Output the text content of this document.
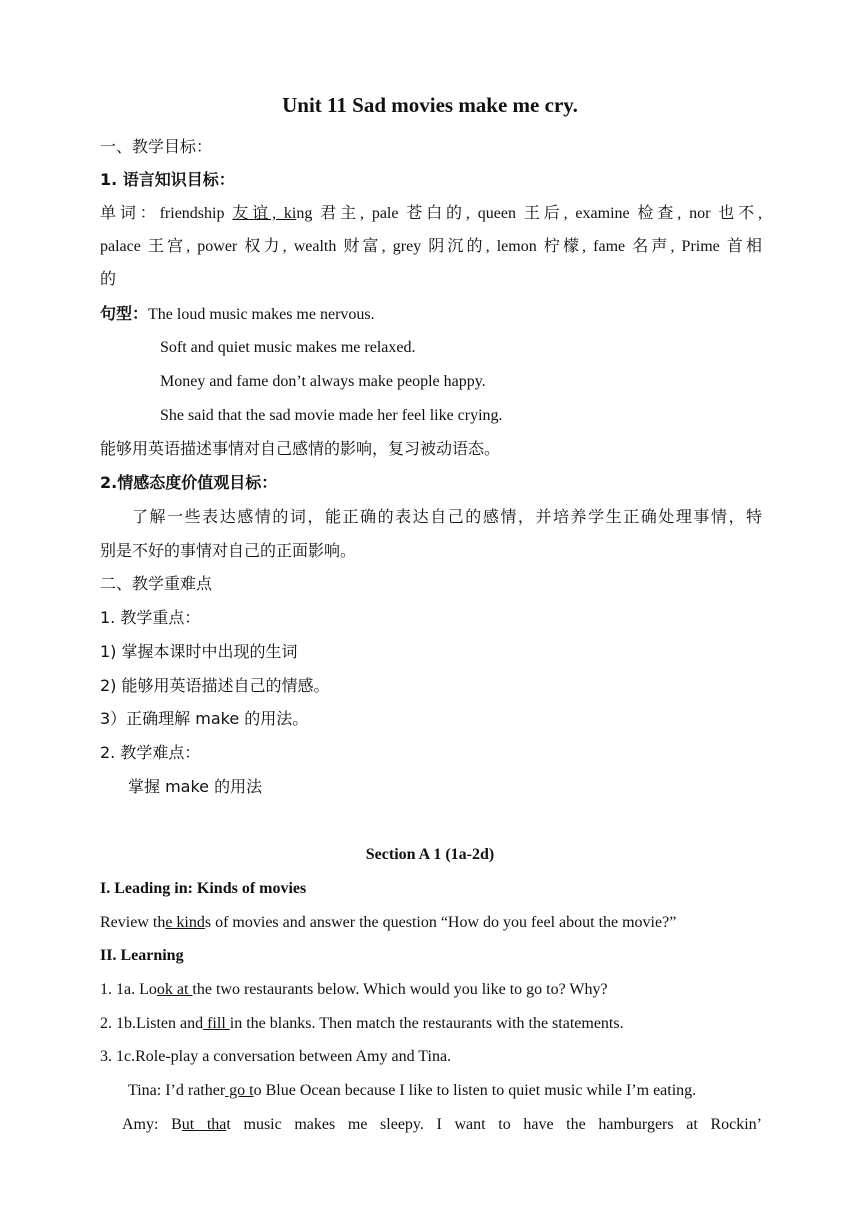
Unit 11 Sad movies make me cry.
一、教学目标：
1. 语言知识目标：
单词：friendship 友谊, king 君主, pale 苍白的, queen 王后, examine 检查, nor 也不,
palace 王宫, power 权力, wealth 财富, grey 阴沉的, lemon 柠檬, fame 名声, Prime 首相
的
句型：The loud music makes me nervous.
Soft and quiet music makes me relaxed.
Money and fame don’t always make people happy.
She said that the sad movie made her feel like crying.
能够用英语描述事情对自己感情的影响，复习被动语态。
2.情感态度价值观目标：
了解一些表达感情的词，能正确的表达自己的感情，并培养学生正确处理事情，特
别是不好的事情对自己的正面影响。
二、教学重难点
1. 教学重点：
1) 掌握本课时中出现的生词
2) 能够用英语描述自己的情感。
3）正确理解 make 的用法。
2. 教学难点：
掌握 make 的用法
Section A 1 (1a-2d)
I. Leading in: Kinds of movies
Review the kinds of movies and answer the question “How do you feel about the movie?”
II. Learning
1. 1a. Look at the two restaurants below. Which would you like to go to? Why?
2. 1b.Listen and fill in the blanks. Then match the restaurants with the statements.
3. 1c.Role-play a conversation between Amy and Tina.
Tina: I’d rather go to Blue Ocean because I like to listen to quiet music while I’m eating.
Amy: But that music makes me sleepy. I want to have the hamburgers at Rockin’
